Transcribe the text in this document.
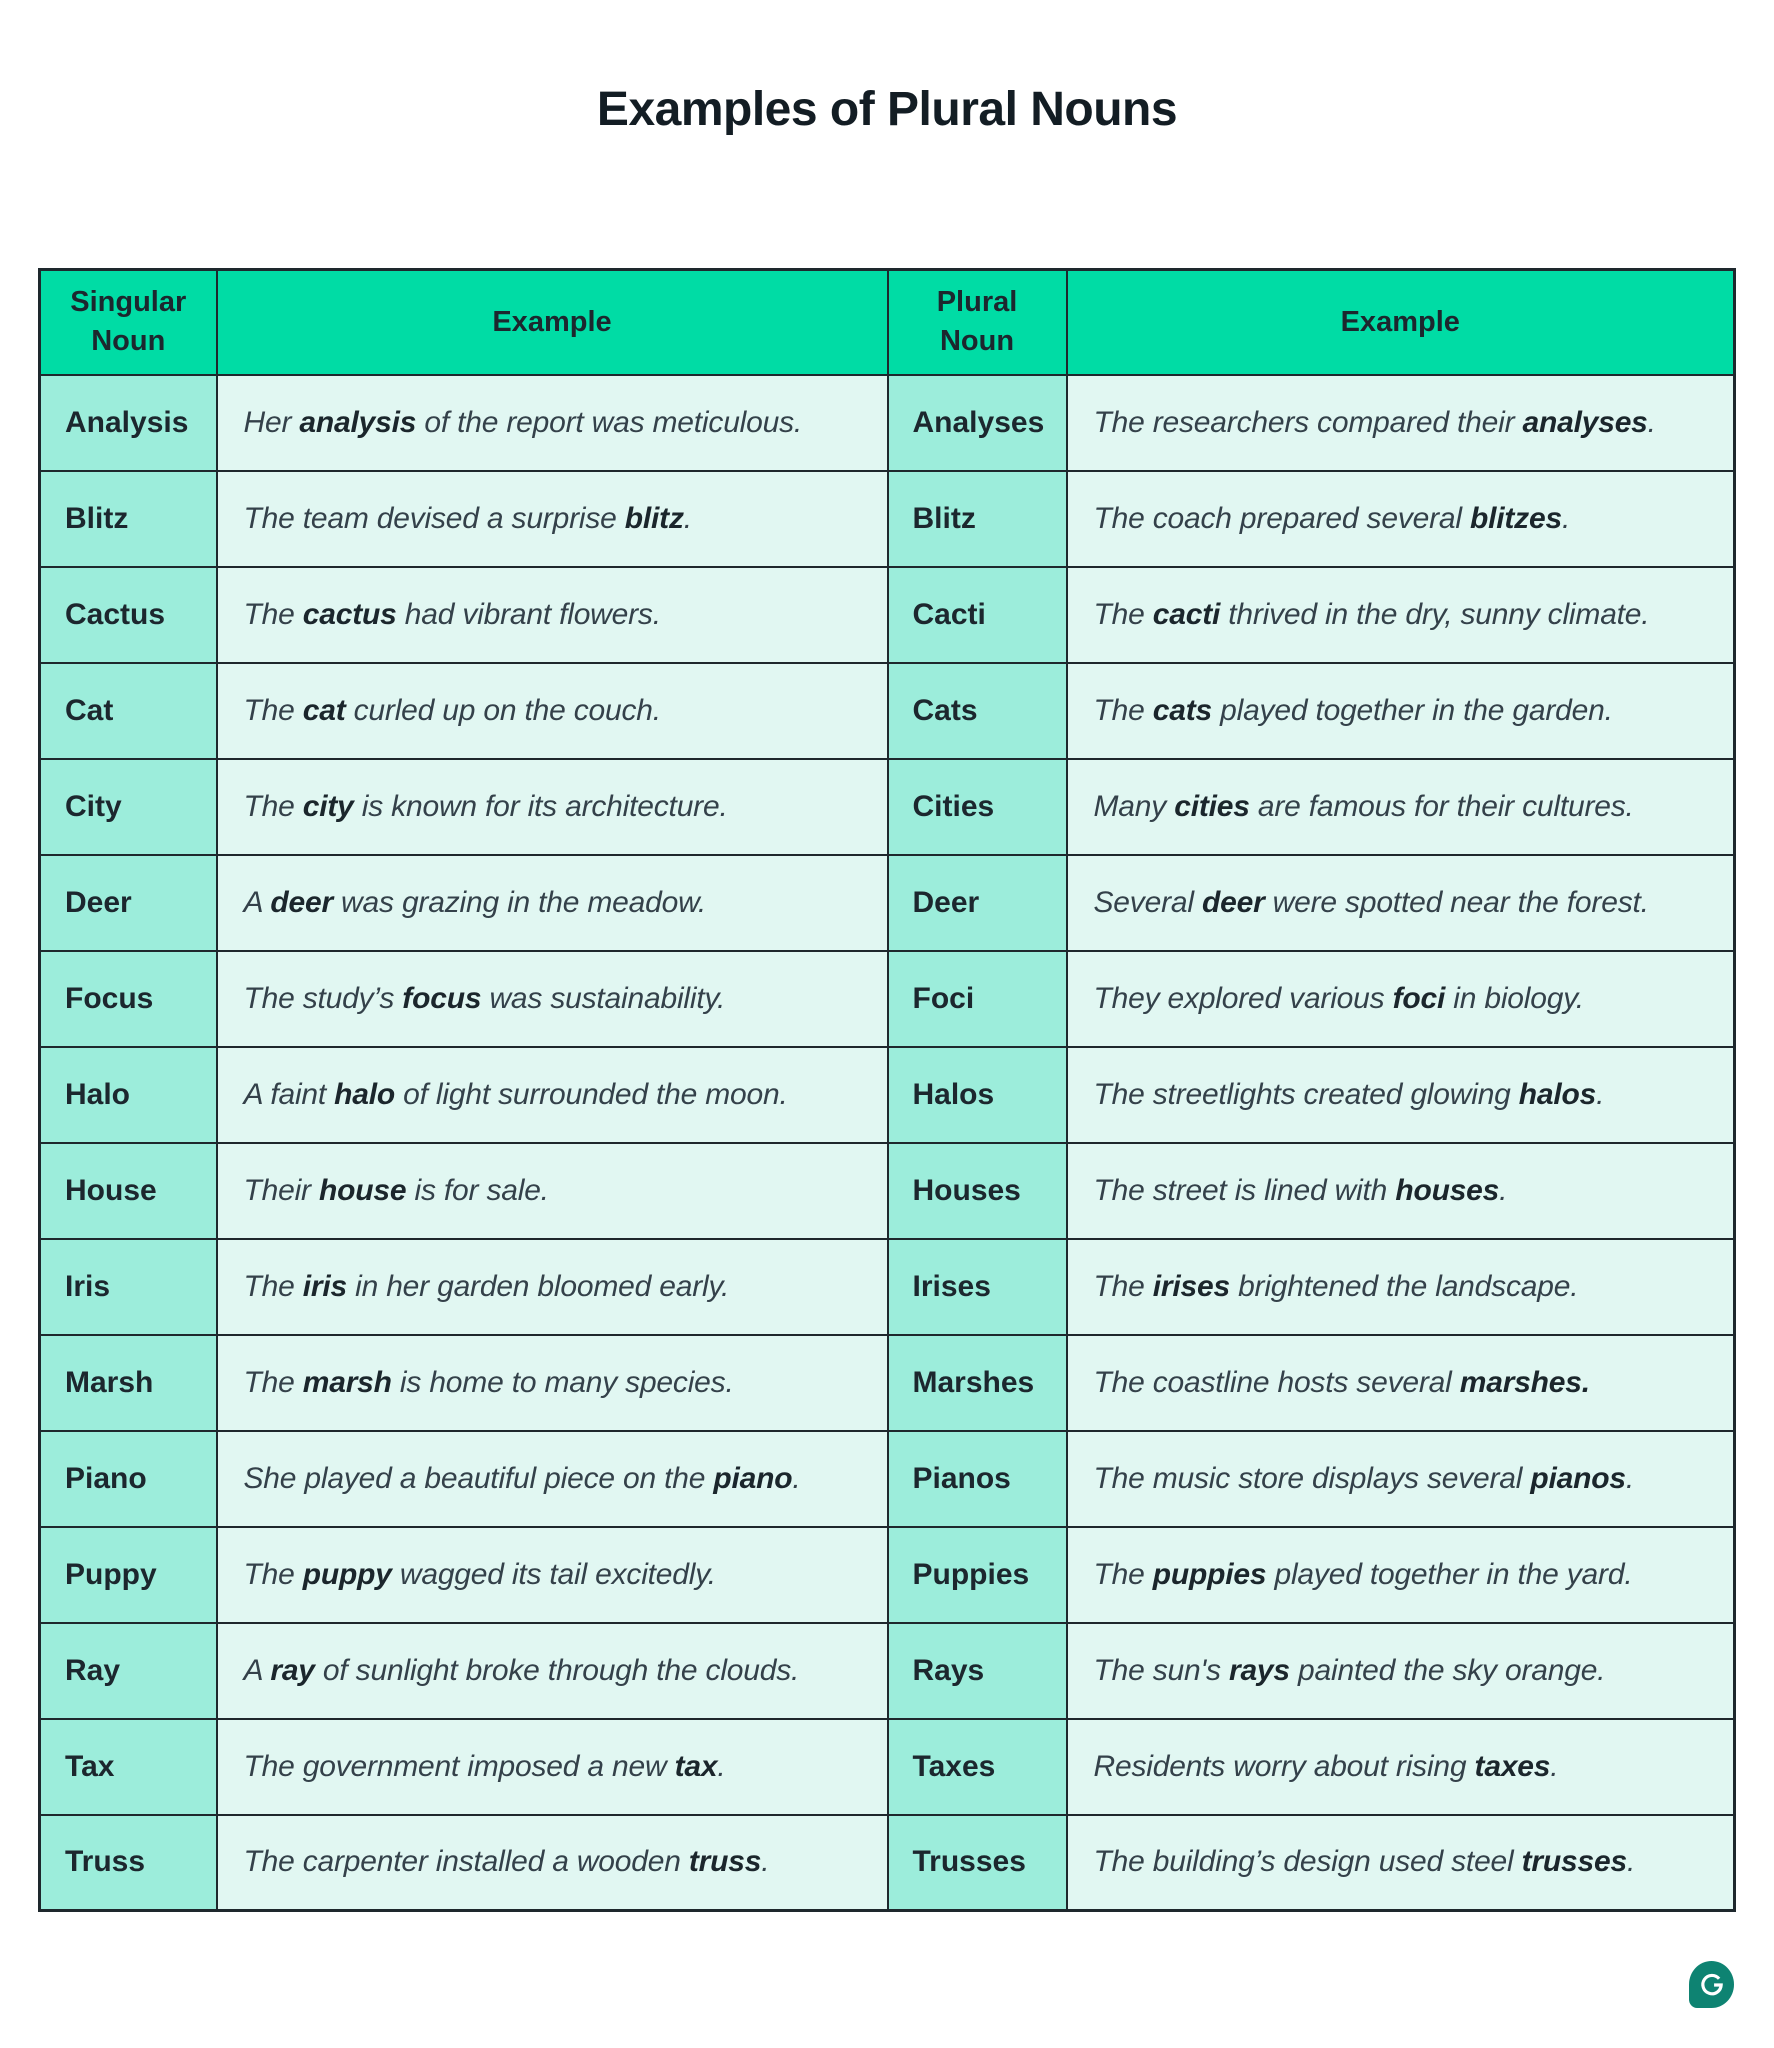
Examples of Plural Nouns
Singular Noun	Example	Plural Noun	Example
Analysis	Her analysis of the report was meticulous.	Analyses	The researchers compared their analyses.
Blitz	The team devised a surprise blitz.	Blitz	The coach prepared several blitzes.
Cactus	The cactus had vibrant flowers.	Cacti	The cacti thrived in the dry, sunny climate.
Cat	The cat curled up on the couch.	Cats	The cats played together in the garden.
City	The city is known for its architecture.	Cities	Many cities are famous for their cultures.
Deer	A deer was grazing in the meadow.	Deer	Several deer were spotted near the forest.
Focus	The study’s focus was sustainability.	Foci	They explored various foci in biology.
Halo	A faint halo of light surrounded the moon.	Halos	The streetlights created glowing halos.
House	Their house is for sale.	Houses	The street is lined with houses.
Iris	The iris in her garden bloomed early.	Irises	The irises brightened the landscape.
Marsh	The marsh is home to many species.	Marshes	The coastline hosts several marshes.
Piano	She played a beautiful piece on the piano.	Pianos	The music store displays several pianos.
Puppy	The puppy wagged its tail excitedly.	Puppies	The puppies played together in the yard.
Ray	A ray of sunlight broke through the clouds.	Rays	The sun's rays painted the sky orange.
Tax	The government imposed a new tax.	Taxes	Residents worry about rising taxes.
Truss	The carpenter installed a wooden truss.	Trusses	The building’s design used steel trusses.
